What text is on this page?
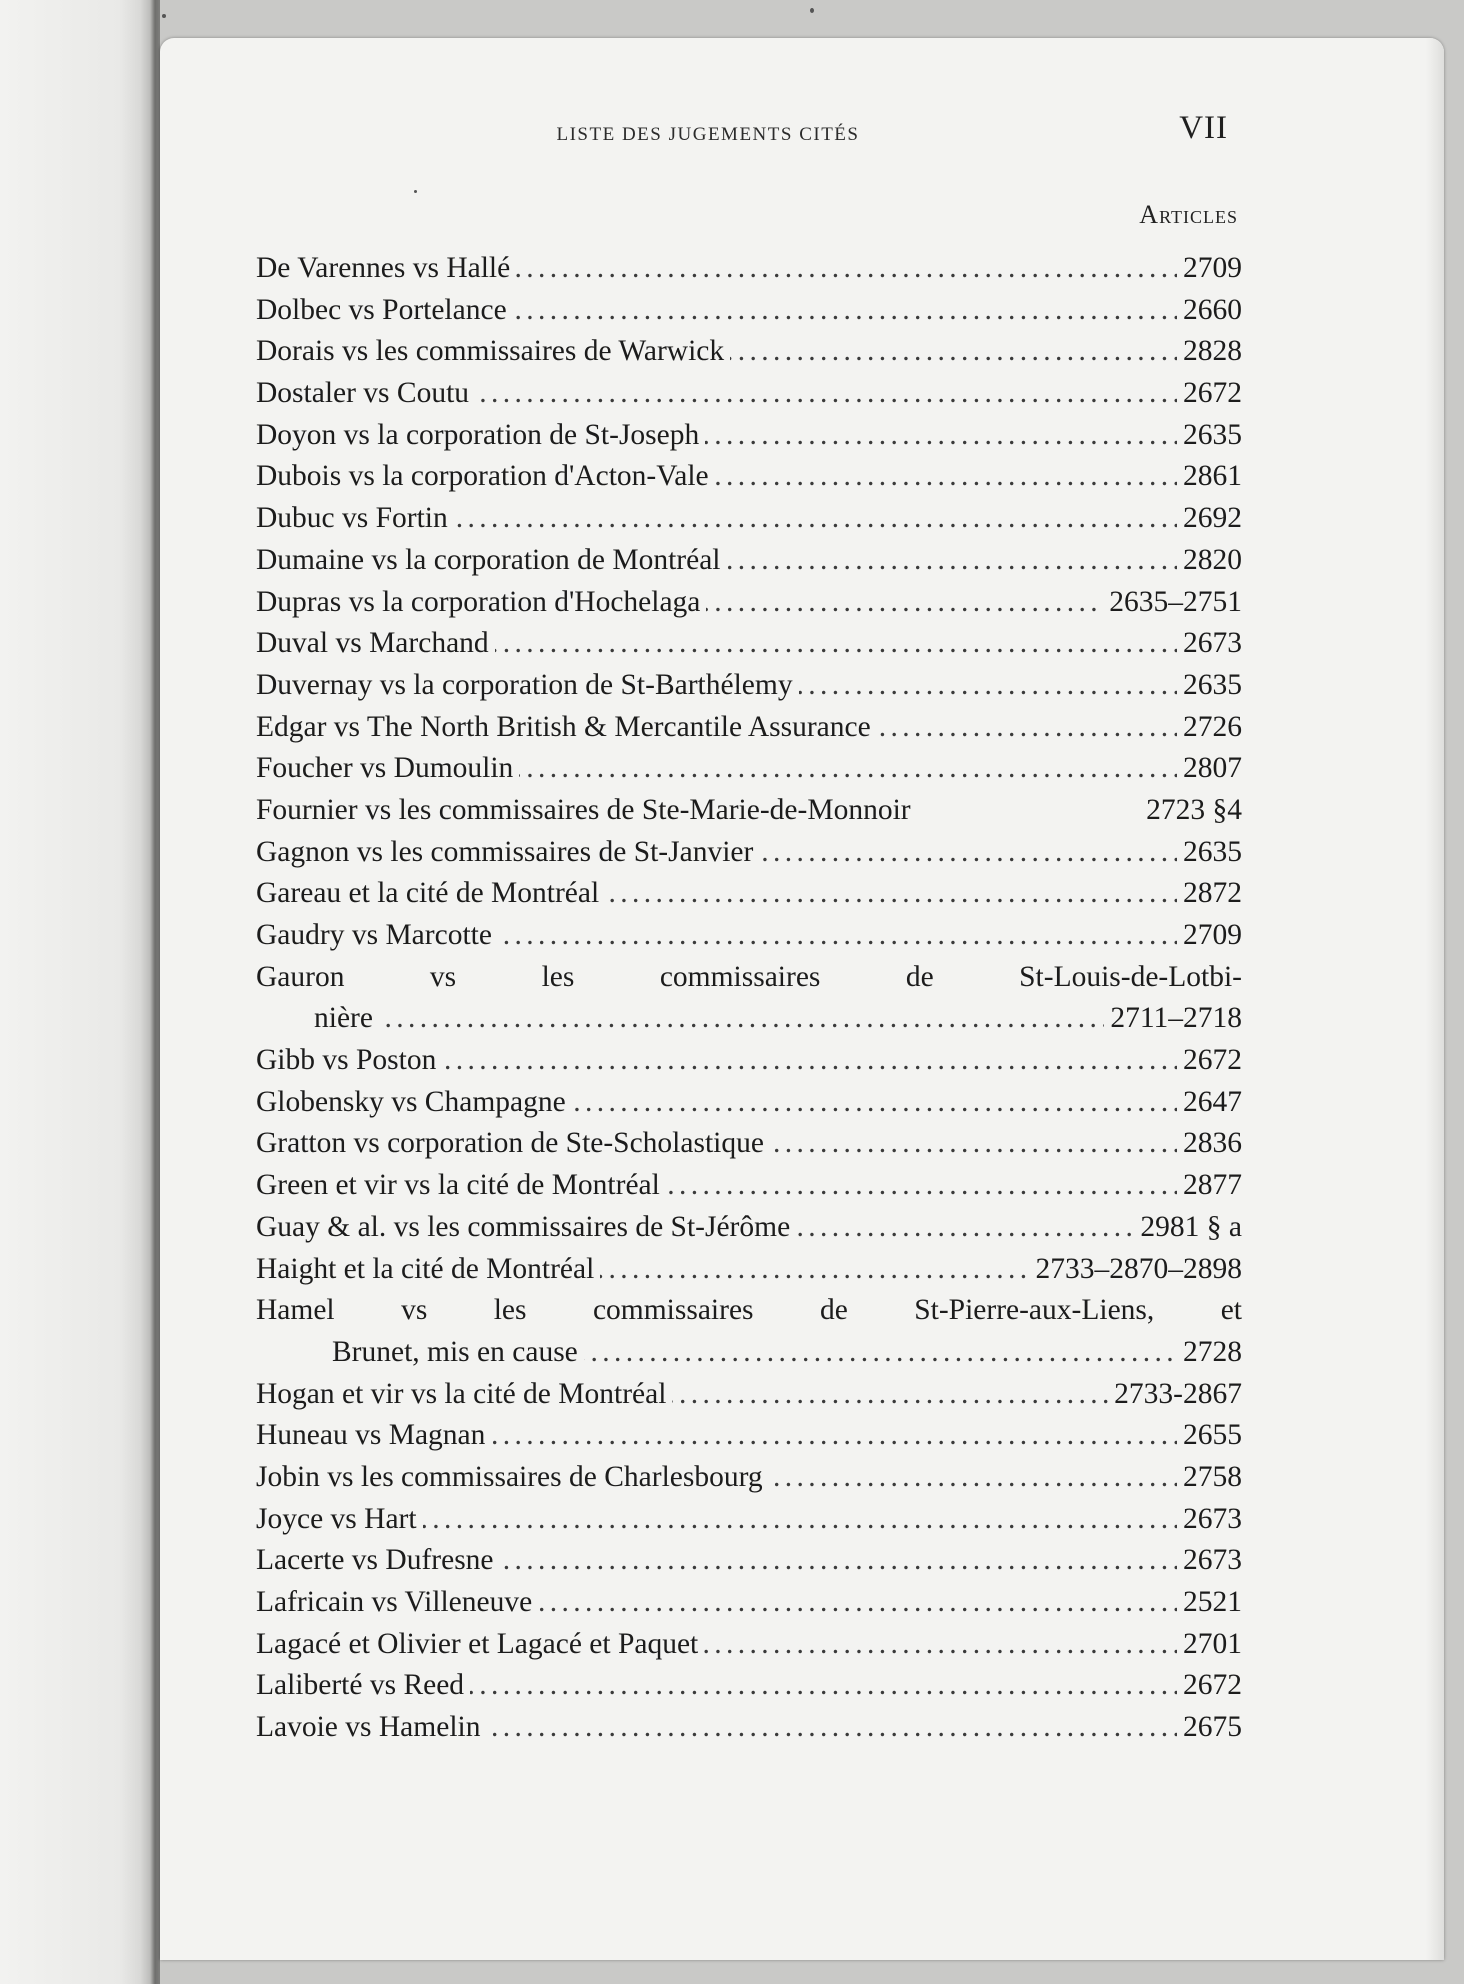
LISTE DES JUGEMENTS CITÉS	VII
Articles
. . .
De Varennes vs Hallé	2709
. . .
Dolbec vs Portelance	2660
. . .
Dorais vs les commissaires de Warwick	2828
. . .
Dostaler vs Coutu	2672
. . .
Doyon vs la corporation de St-Joseph	2635
. . .
Dubois vs la corporation d'Acton-Vale	2861
. . .
Dubuc vs Fortin	2692
. . .
Dumaine vs la corporation de Montréal	2820
. . .
Dupras vs la corporation d'Hochelaga	2635–2751
. . .
Duval vs Marchand	2673
. . .
Duvernay vs la corporation de St-Barthélemy	2635
. . .
Edgar vs The North British & Mercantile Assurance	2726
. . .
Foucher vs Dumoulin	2807
Fournier vs les commissaires de Ste-Marie-de-Monnoir	2723 §4
. . .
Gagnon vs les commissaires de St-Janvier	2635
. . .
Gareau et la cité de Montréal	2872
. . .
Gaudry vs Marcotte	2709
Gauron vs les commissaires de St-Louis-de-Lotbi-
. . .
nière	2711–2718
. . .
Gibb vs Poston	2672
. . .
Globensky vs Champagne	2647
. . .
Gratton vs corporation de Ste-Scholastique	2836
. . .
Green et vir vs la cité de Montréal	2877
. . .
Guay & al. vs les commissaires de St-Jérôme	2981 § a
. . .
Haight et la cité de Montréal	2733–2870–2898
Hamel vs les commissaires de St-Pierre-aux-Liens, et
. . .
Brunet, mis en cause	2728
. . .
Hogan et vir vs la cité de Montréal	2733-2867
. . .
Huneau vs Magnan	2655
. . .
Jobin vs les commissaires de Charlesbourg	2758
. . .
Joyce vs Hart	2673
. . .
Lacerte vs Dufresne	2673
. . .
Lafricain vs Villeneuve	2521
. . .
Lagacé et Olivier et Lagacé et Paquet	2701
. . .
Laliberté vs Reed	2672
. . .
Lavoie vs Hamelin	2675
